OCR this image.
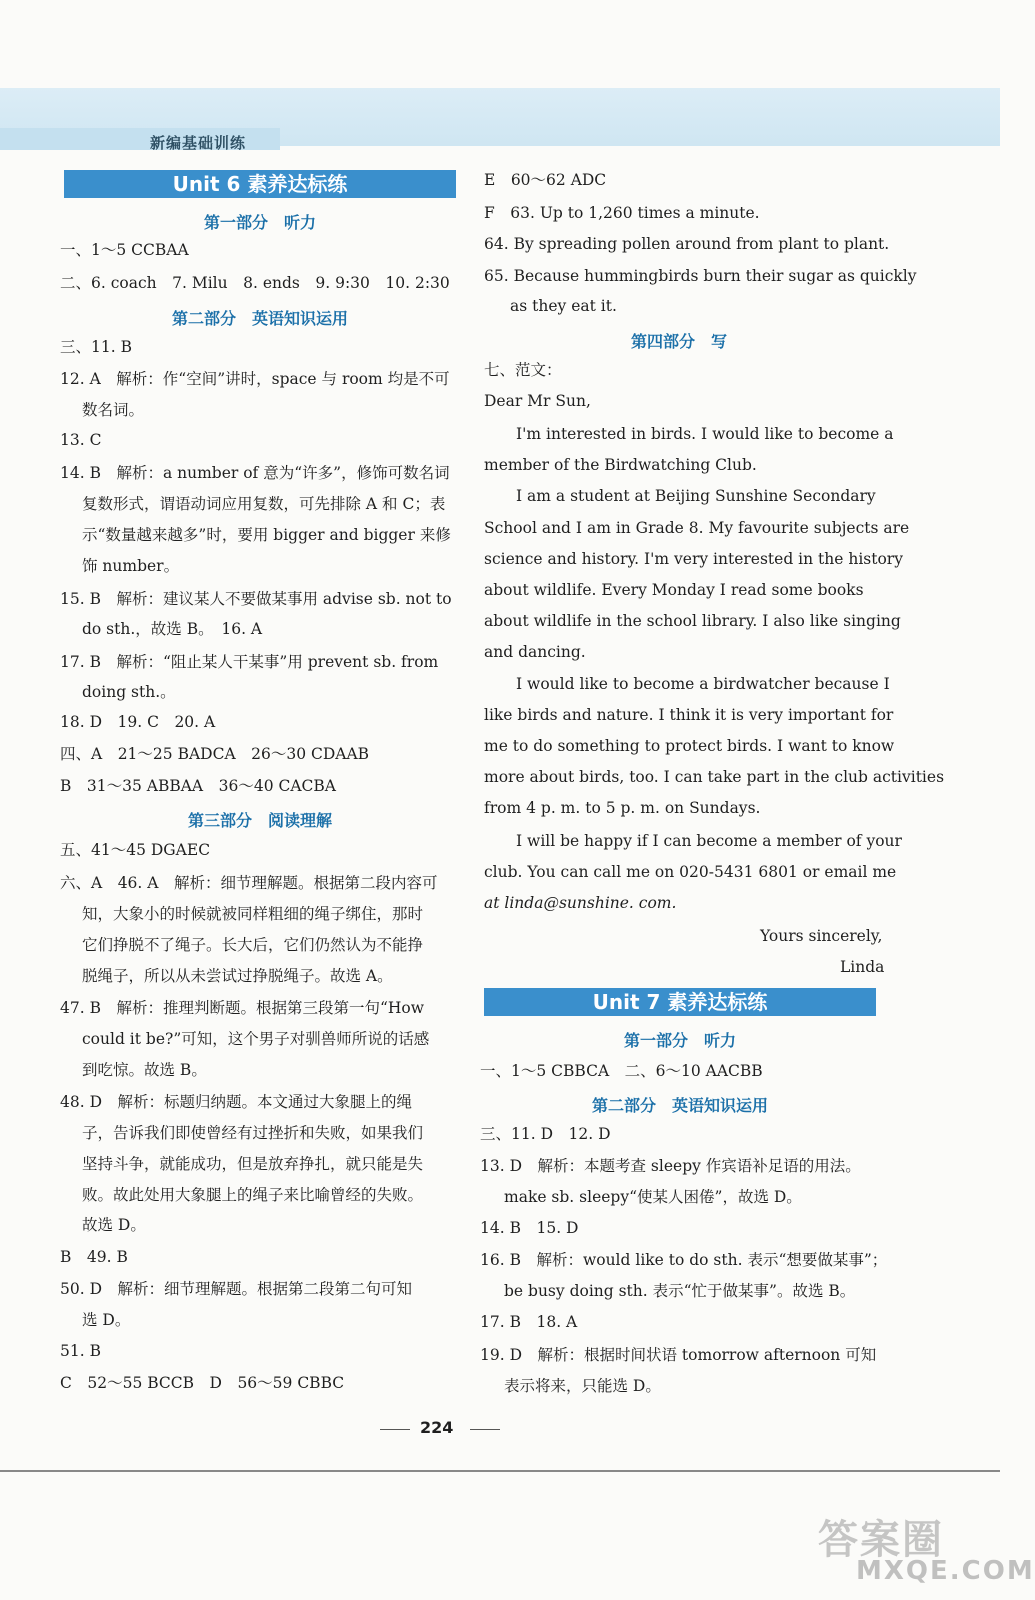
新编基础训练
Unit 6 素养达标练
第一部分　听力
一、1～5 CCBAA
二、6. coach　7. Milu　8. ends　9. 9:30　10. 2:30
第二部分　英语知识运用
三、11. B
12. A　解析：作“空间”讲时，space 与 room 均是不可
数名词。
13. C
14. B　解析：a number of 意为“许多”，修饰可数名词
复数形式，谓语动词应用复数，可先排除 A 和 C；表
示“数量越来越多”时，要用 bigger and bigger 来修
饰 number。
15. B　解析：建议某人不要做某事用 advise sb. not to
do sth.，故选 B。　16. A
17. B　解析：“阻止某人干某事”用 prevent sb. from
doing sth.。
18. D　19. C　20. A
四、A　21～25 BADCA　26～30 CDAAB
B　31～35 ABBAA　36～40 CACBA
第三部分　阅读理解
五、41～45 DGAEC
六、A　46. A　解析：细节理解题。根据第二段内容可
知，大象小的时候就被同样粗细的绳子绑住，那时
它们挣脱不了绳子。长大后，它们仍然认为不能挣
脱绳子，所以从未尝试过挣脱绳子。故选 A。
47. B　解析：推理判断题。根据第三段第一句“How
could it be?”可知，这个男子对驯兽师所说的话感
到吃惊。故选 B。
48. D　解析：标题归纳题。本文通过大象腿上的绳
子，告诉我们即使曾经有过挫折和失败，如果我们
坚持斗争，就能成功，但是放弃挣扎，就只能是失
败。故此处用大象腿上的绳子来比喻曾经的失败。
故选 D。
B　49. B
50. D　解析：细节理解题。根据第二段第二句可知
选 D。
51. B
C　52～55 BCCB　D　56～59 CBBC
E　60～62 ADC
F　63. Up to 1,260 times a minute.
64. By spreading pollen around from plant to plant.
65. Because hummingbirds burn their sugar as quickly
as they eat it.
第四部分　写
七、范文：
Dear Mr Sun,
I'm interested in birds. I would like to become a
member of the Birdwatching Club.
I am a student at Beijing Sunshine Secondary
School and I am in Grade 8. My favourite subjects are
science and history. I'm very interested in the history
about wildlife. Every Monday I read some books
about wildlife in the school library. I also like singing
and dancing.
I would like to become a birdwatcher because I
like birds and nature. I think it is very important for
me to do something to protect birds. I want to know
more about birds, too. I can take part in the club activities
from 4 p. m. to 5 p. m. on Sundays.
I will be happy if I can become a member of your
club. You can call me on 020-5431 6801 or email me
at linda@sunshine. com.
Yours sincerely,
Linda
Unit 7 素养达标练
第一部分　听力
一、1～5 CBBCA　二、6～10 AACBB
第二部分　英语知识运用
三、11. D　12. D
13. D　解析：本题考查 sleepy 作宾语补足语的用法。
make sb. sleepy“使某人困倦”，故选 D。
14. B　15. D
16. B　解析：would like to do sth. 表示“想要做某事”；
be busy doing sth. 表示“忙于做某事”。故选 B。
17. B　18. A
19. D　解析：根据时间状语 tomorrow afternoon 可知
表示将来，只能选 D。
224
答案圈
MXQE.COM
